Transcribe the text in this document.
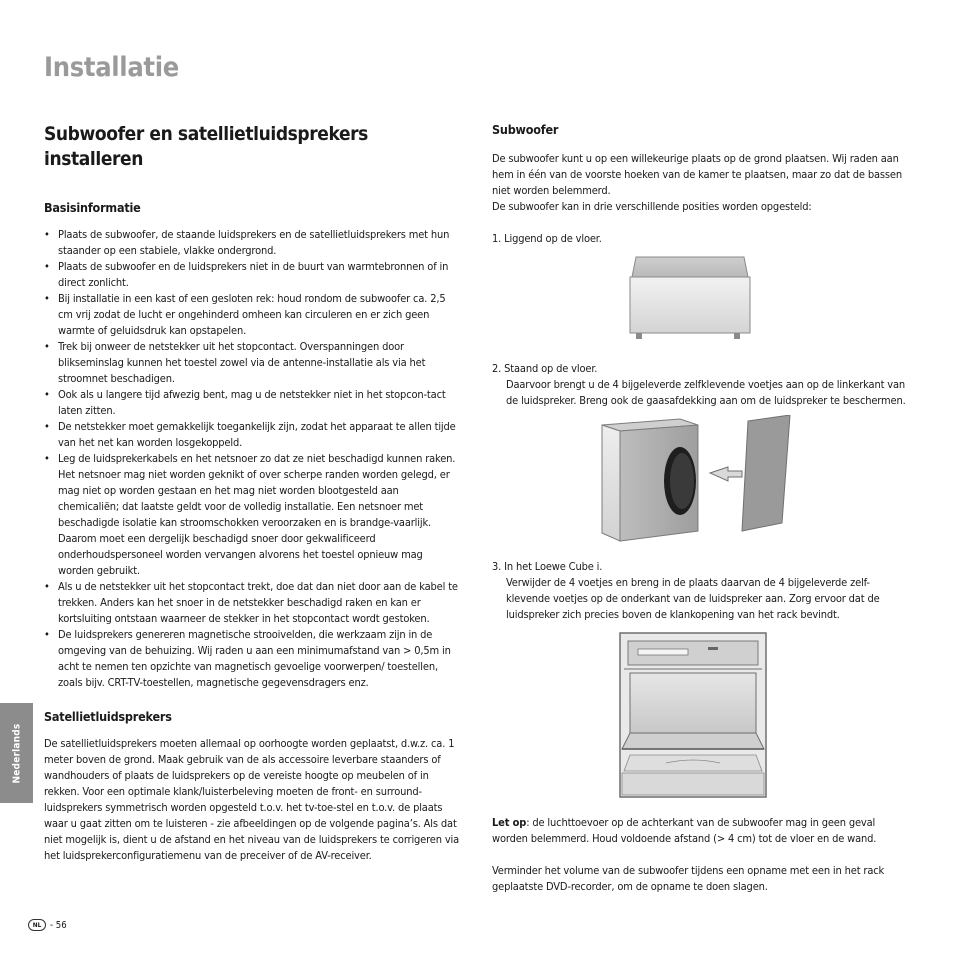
Installatie
Subwoofer en satellietluidsprekers installeren
Basisinformatie
• Plaats de subwoofer, de staande luidsprekers en de satellietluidsprekers met hun staander op een stabiele, vlakke ondergrond.
• Plaats de subwoofer en de luidsprekers niet in de buurt van warmtebronnen of in direct zonlicht.
• Bij installatie in een kast of een gesloten rek: houd rondom de subwoofer ca. 2,5 cm vrij zodat de lucht er ongehinderd omheen kan circuleren en er zich geen warmte of geluidsdruk kan opstapelen.
• Trek bij onweer de netstekker uit het stopcontact. Overspanningen door blikseminslag kunnen het toestel zowel via de antenne-installatie als via het stroomnet beschadigen.
• Ook als u langere tijd afwezig bent, mag u de netstekker niet in het stopcon-tact laten zitten.
• De netstekker moet gemakkelijk toegankelijk zijn, zodat het apparaat te allen tijde van het net kan worden losgekoppeld.
• Leg de luidsprekerkabels en het netsnoer zo dat ze niet beschadigd kunnen raken. Het netsnoer mag niet worden geknikt of over scherpe randen worden gelegd, er mag niet op worden gestaan en het mag niet worden blootgesteld aan chemicaliën; dat laatste geldt voor de volledig installatie. Een netsnoer met beschadigde isolatie kan stroomschokken veroorzaken en is brandge-vaarlijk. Daarom moet een dergelijk beschadigd snoer door gekwalificeerd onderhoudspersoneel worden vervangen alvorens het toestel opnieuw mag worden gebruikt.
• Als u de netstekker uit het stopcontact trekt, doe dat dan niet door aan de kabel te trekken. Anders kan het snoer in de netstekker beschadigd raken en kan er kortsluiting ontstaan waarneer de stekker in het stopcontact wordt gestoken.
• De luidsprekers genereren magnetische strooivelden, die werkzaam zijn in de omgeving van de behuizing. Wij raden u aan een minimumafstand van > 0,5m in acht te nemen ten opzichte van magnetisch gevoelige voorwerpen/ toestellen, zoals bijv. CRT-TV-toestellen, magnetische gegevensdragers enz.
Satellietluidsprekers

De satellietluidsprekers moeten allemaal op oorhoogte worden geplaatst, d.w.z. ca. 1 meter boven de grond. Maak gebruik van de als accessoire leverbare staanders of wandhouders of plaats de luidsprekers op de vereiste hoogte op meubelen of in rekken. Voor een optimale klank/luisterbeleving moeten de front- en surround-luidsprekers symmetrisch worden opgesteld t.o.v. het tv-toe-stel en t.o.v. de plaats waar u gaat zitten om te luisteren - zie afbeeldingen op de volgende pagina’s. Als dat niet mogelijk is, dient u de afstand en het niveau van de luidsprekers te corrigeren via het luidsprekerconfiguratiemenu van de preceiver of de AV-receiver.

Subwoofer

De subwoofer kunt u op een willekeurige plaats op de grond plaatsen. Wij raden aan hem in één van de voorste hoeken van de kamer te plaatsen, maar zo dat de bassen niet worden belemmerd.

De subwoofer kan in drie verschillende posities worden opgesteld:

1. Liggend op de vloer.

2. Staand op de vloer.

Daarvoor brengt u de 4 bijgeleverde zelfklevende voetjes aan op de linkerkant van de luidspreker. Breng ook de gaasafdekking aan om de luidspreker te beschermen.

3. In het Loewe Cube i.

Verwijder de 4 voetjes en breng in de plaats daarvan de 4 bijgeleverde zelf-klevende voetjes op de onderkant van de luidspreker aan. Zorg ervoor dat de luidspreker zich precies boven de klankopening van het rack bevindt.

Let op: de luchttoevoer op de achterkant van de subwoofer mag in geen geval worden belemmerd. Houd voldoende afstand (> 4 cm) tot de vloer en de wand.

Verminder het volume van de subwoofer tijdens een opname met een in het rack geplaatste DVD-recorder, om de opname te doen slagen.

Nederlands
NL - 56
